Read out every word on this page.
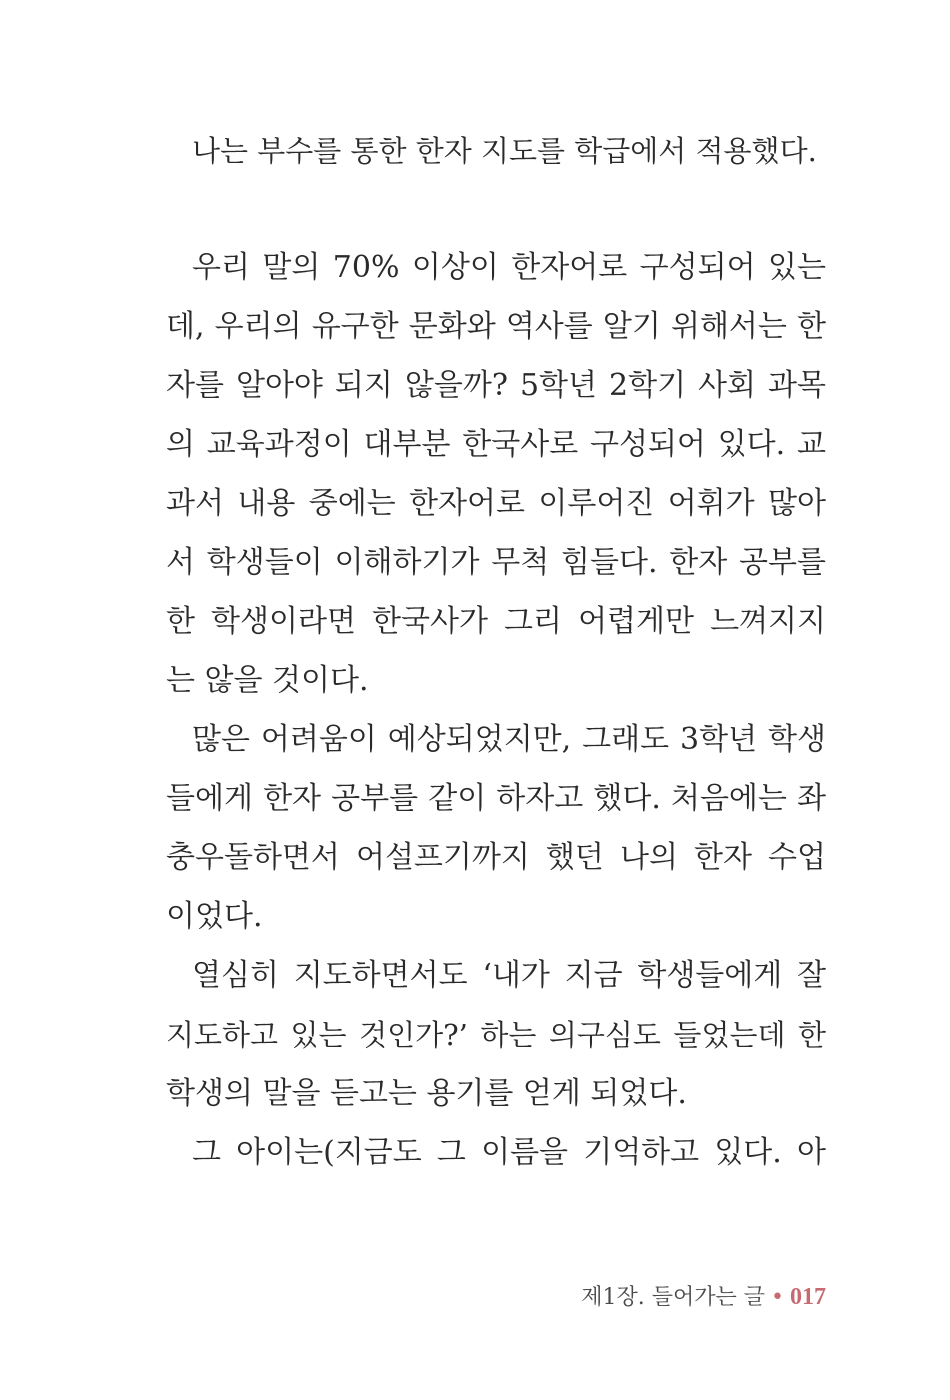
나는 부수를 통한 한자 지도를 학급에서 적용했다.
우리 말의 70% 이상이 한자어로 구성되어 있는
데, 우리의 유구한 문화와 역사를 알기 위해서는 한
자를 알아야 되지 않을까? 5학년 2학기 사회 과목
의 교육과정이 대부분 한국사로 구성되어 있다. 교
과서 내용 중에는 한자어로 이루어진 어휘가 많아
서 학생들이 이해하기가 무척 힘들다. 한자 공부를
한 학생이라면 한국사가 그리 어렵게만 느껴지지
는 않을 것이다.
많은 어려움이 예상되었지만, 그래도 3학년 학생
들에게 한자 공부를 같이 하자고 했다. 처음에는 좌
충우돌하면서 어설프기까지 했던 나의 한자 수업
이었다.
열심히 지도하면서도 ‘내가 지금 학생들에게 잘
지도하고 있는 것인가?’ 하는 의구심도 들었는데 한
학생의 말을 듣고는 용기를 얻게 되었다.
그 아이는(지금도 그 이름을 기억하고 있다. 아
제1장. 들어가는 글 • 017
